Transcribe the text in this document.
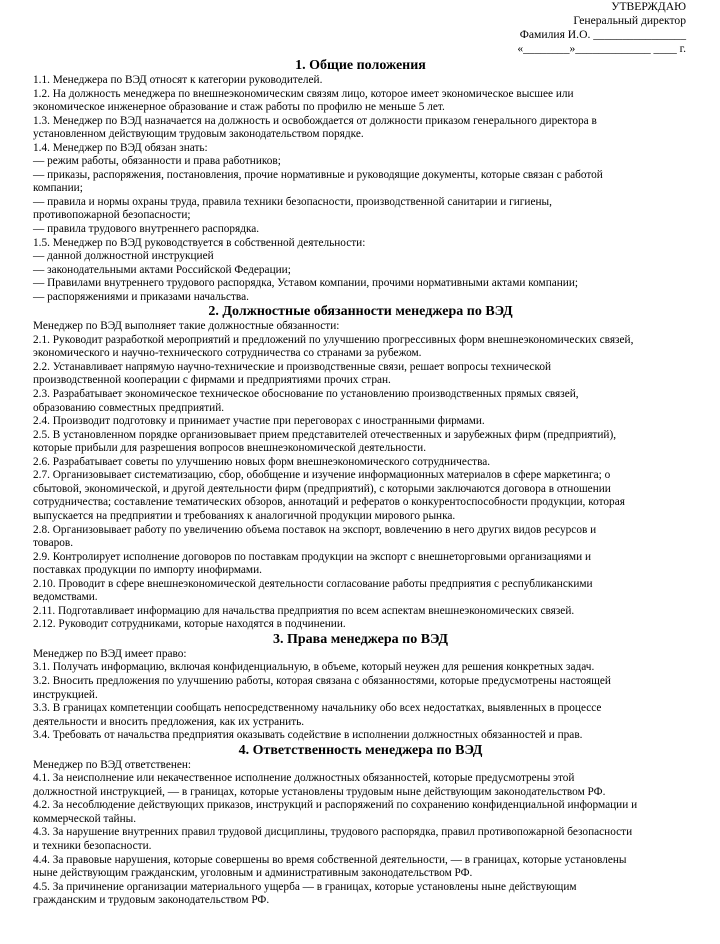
УТВЕРЖДАЮ
Генеральный директор
Фамилия И.О. ________________
«________»_____________ ____ г.
1. Общие положения
1.1. Менеджера по ВЭД относят к категории руководителей.
1.2. На должность менеджера по внешнеэкономическим связям лицо, которое имеет экономическое высшее или
экономическое инженерное образование и стаж работы по профилю не меньше 5 лет.
1.3. Менеджер по ВЭД назначается на должность и освобождается от должности приказом генерального директора в
установленном действующим трудовым законодательством порядке.
1.4. Менеджер по ВЭД обязан знать:
— режим работы, обязанности и права работников;
— приказы, распоряжения, постановления, прочие нормативные и руководящие документы, которые связан с работой
компании;
— правила и нормы охраны труда, правила техники безопасности, производственной санитарии и гигиены,
противопожарной безопасности;
— правила трудового внутреннего распорядка.
1.5. Менеджер по ВЭД руководствуется в собственной деятельности:
— данной должностной инструкцией
— законодательными актами Российской Федерации;
— Правилами внутреннего трудового распорядка, Уставом компании, прочими нормативными актами компании;
— распоряжениями и приказами начальства.
2. Должностные обязанности менеджера по ВЭД
Менеджер по ВЭД выполняет такие должностные обязанности:
2.1. Руководит разработкой мероприятий и предложений по улучшению прогрессивных форм внешнеэкономических связей,
экономического и научно-технического сотрудничества со странами за рубежом.
2.2. Устанавливает напрямую научно-технические и производственные связи, решает вопросы технической
производственной кооперации с фирмами и предприятиями прочих стран.
2.3. Разрабатывает экономическое техническое обоснование по установлению производственных прямых связей,
образованию совместных предприятий.
2.4. Производит подготовку и принимает участие при переговорах с иностранными фирмами.
2.5. В установленном порядке организовывает прием представителей отечественных и зарубежных фирм (предприятий),
которые прибыли для разрешения вопросов внешнеэкономической деятельности.
2.6. Разрабатывает советы по улучшению новых форм внешнеэкономического сотрудничества.
2.7. Организовывает систематизацию, сбор, обобщение и изучение информационных материалов в сфере маркетинга; о
сбытовой, экономической, и другой деятельности фирм (предприятий), с которыми заключаются договора в отношении
сотрудничества; составление тематических обзоров, аннотаций и рефератов о конкурентоспособности продукции, которая
выпускается на предприятии и требованиях к аналогичной продукции мирового рынка.
2.8. Организовывает работу по увеличению объема поставок на экспорт, вовлечению в него других видов ресурсов и
товаров.
2.9. Контролирует исполнение договоров по поставкам продукции на экспорт с внешнеторговыми организациями и
поставках продукции по импорту инофирмами.
2.10. Проводит в сфере внешнеэкономической деятельности согласование работы предприятия с республиканскими
ведомствами.
2.11. Подготавливает информацию для начальства предприятия по всем аспектам внешнеэкономических связей.
2.12. Руководит сотрудниками, которые находятся в подчинении.
3. Права менеджера по ВЭД
Менеджер по ВЭД имеет право:
3.1. Получать информацию, включая конфиденциальную, в объеме, который неужен для решения конкретных задач.
3.2. Вносить предложения по улучшению работы, которая связана с обязанностями, которые предусмотрены настоящей
инструкцией.
3.3. В границах компетенции сообщать непосредственному начальнику обо всех недостатках, выявленных в процессе
деятельности и вносить предложения, как их устранить.
3.4. Требовать от начальства предприятия оказывать содействие в исполнении должностных обязанностей и прав.
4. Ответственность менеджера по ВЭД
Менеджер по ВЭД ответственен:
4.1. За неисполнение или некачественное исполнение должностных обязанностей, которые предусмотрены этой
должностной инструкцией, — в границах, которые установлены трудовым ныне действующим законодательством РФ.
4.2. За несоблюдение действующих приказов, инструкций и распоряжений по сохранению конфиденциальной информации и
коммерческой тайны.
4.3. За нарушение внутренних правил трудовой дисциплины, трудового распорядка, правил противопожарной безопасности
и техники безопасности.
4.4. За правовые нарушения, которые совершены во время собственной деятельности, — в границах, которые установлены
ныне действующим гражданским, уголовным и административным законодательством РФ.
4.5. За причинение организации материального ущерба — в границах, которые установлены ныне действующим
гражданским и трудовым законодательством РФ.
